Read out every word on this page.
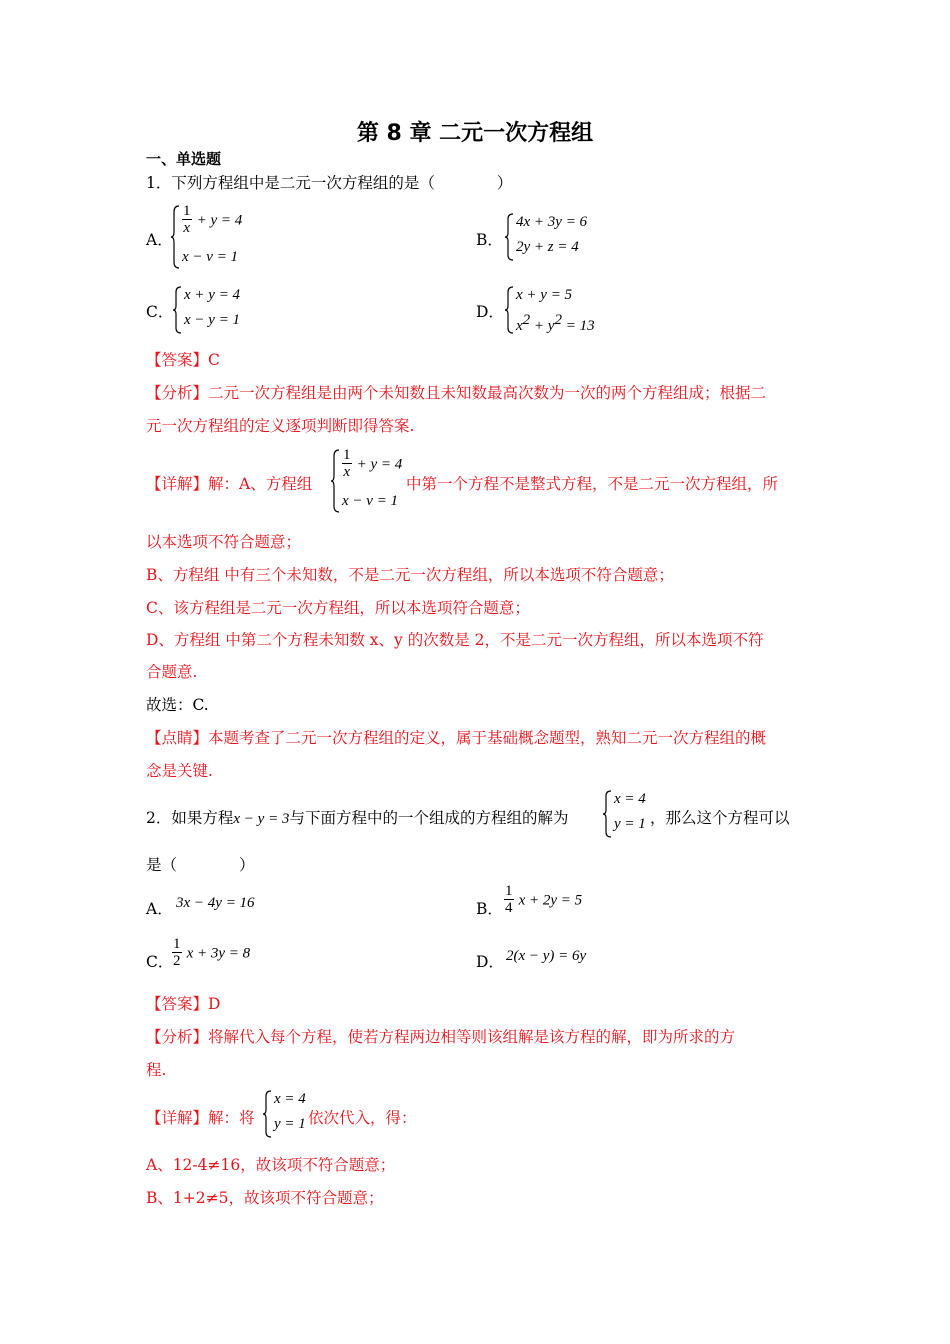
第 8 章 二元一次方程组
一、单选题
1．下列方程组中是二元一次方程组的是（　　　　）
A．
$\frac{1}{x} + y = 4$
x − v = 1
B．
4x + 3y = 6
2y + z = 4
C．
x + y = 4
x − y = 1	D．
x + y = 5
$x^2 + y^2 = 13$
【答案】C
【分析】二元一次方程组是由两个未知数且未知数最高次数为一次的两个方程组成；根据二
元一次方程组的定义逐项判断即得答案.
【详解】解：A、方程组
$\frac{1}{x} + y = 4$
x − v = 1
中第一个方程不是整式方程，不是二元一次方程组，所
以本选项不符合题意；
B、方程组 中有三个未知数，不是二元一次方程组，所以本选项不符合题意；
C、该方程组是二元一次方程组，所以本选项符合题意；
D、方程组 中第二个方程未知数 x、y 的次数是 2，不是二元一次方程组，所以本选项不符
合题意.
故选：C.
【点睛】本题考查了二元一次方程组的定义，属于基础概念题型，熟知二元一次方程组的概
念是关键.
2．如果方程x − y = 3与下面方程中的一个组成的方程组的解为
x = 4
y = 1 ，那么这个方程可以
是（　　　　）
A． 3x − 4y = 16	B． $\frac{1}{4}$ x + 2y = 5
C．
$\frac{1}{2}$ x + 3y = 8	D． 2(x − y) = 6y
【答案】D
【分析】将解代入每个方程，使若方程两边相等则该组解是该方程的解，即为所求的方
程.
【详解】解：将
x = 4
y = 1 依次代入，得：
A、12-4≠16，故该项不符合题意；
B、1+2≠5，故该项不符合题意；
